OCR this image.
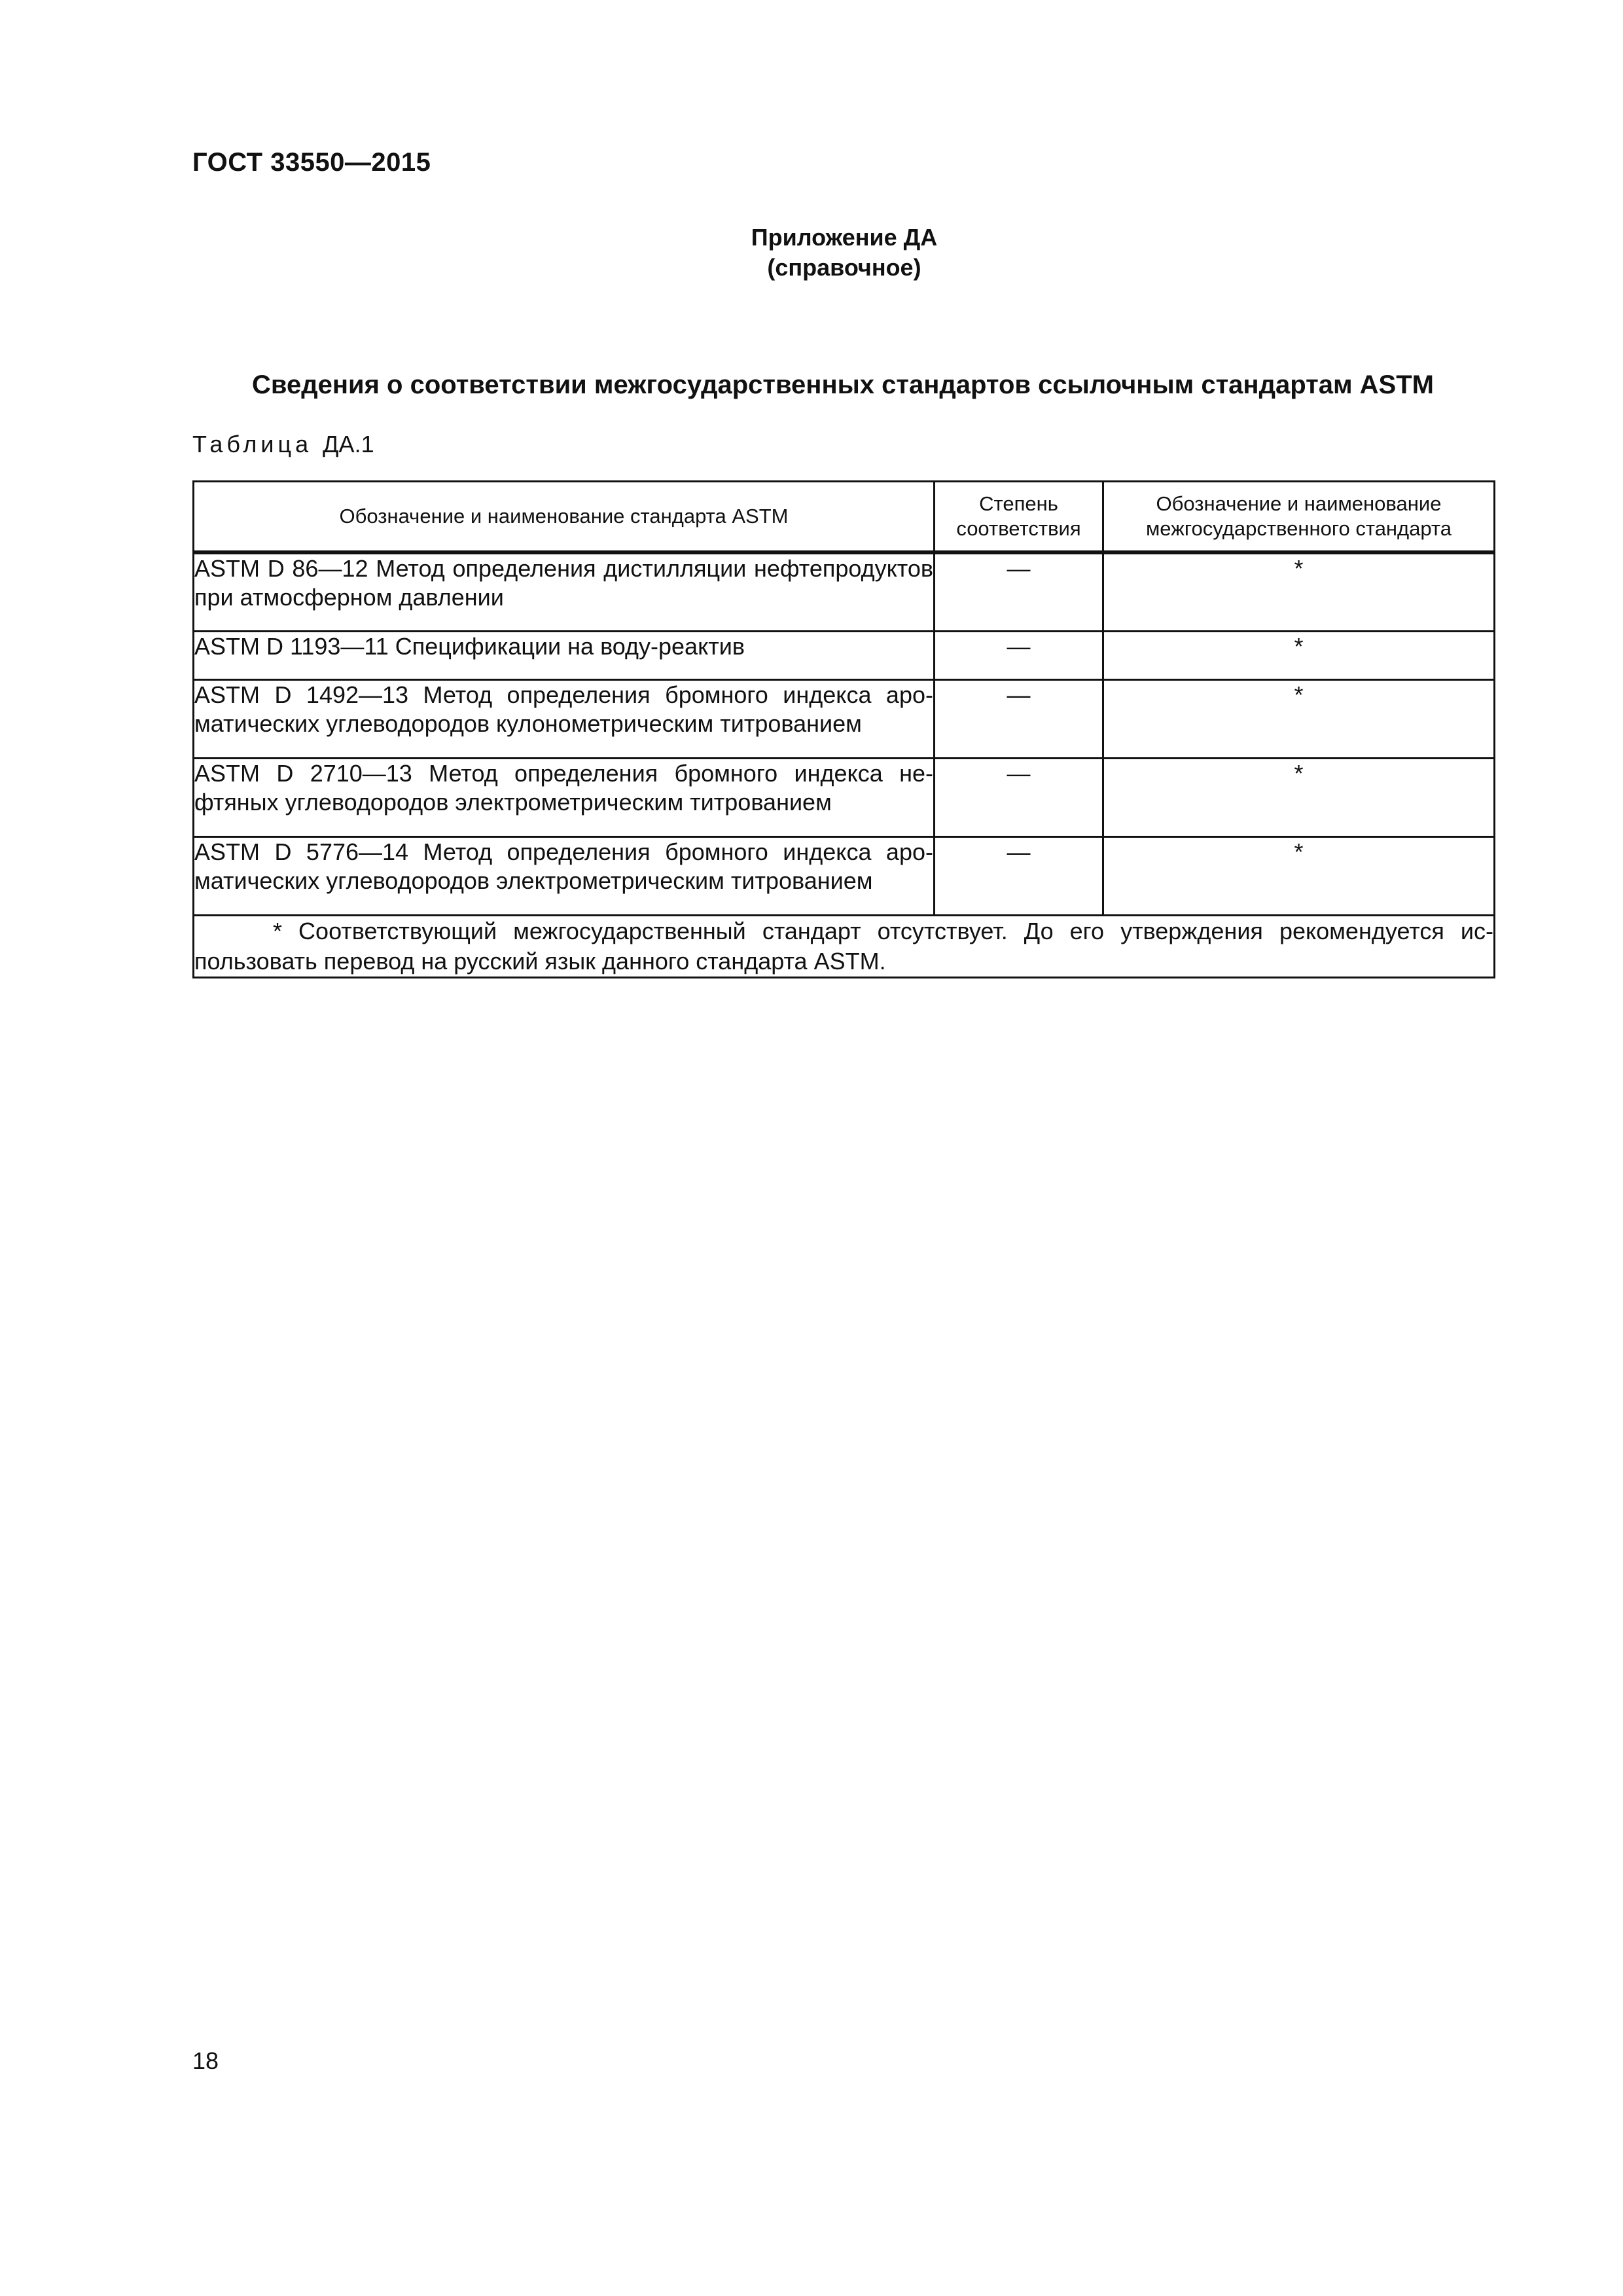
ГОСТ 33550—2015
Приложение ДА
(справочное)
Сведения о соответствии межгосударственных стандартов ссылочным стандартам ASTM
Таблица ДА.1
Обозначение и наименование стандарта ASTM	Степень соответствия	Обозначение и наименование межгосударственного стандарта
ASTM D 86—12 Метод определения дистилляции нефтепродуктов при атмосферном давлении	—	*
ASTM D 1193—11 Спецификации на воду-реактив	—	*
ASTM D 1492—13 Метод определения бромного индекса ароматических углеводородов кулонометрическим титрованием	—	*
ASTM D 2710—13 Метод определения бромного индекса нефтяных углеводородов электрометрическим титрованием	—	*
ASTM D 5776—14 Метод определения бромного индекса ароматических углеводородов электрометрическим титрованием	—	*
* Соответствующий межгосударственный стандарт отсутствует. До его утверждения рекомендуется использовать перевод на русский язык данного стандарта ASTM.		
18
